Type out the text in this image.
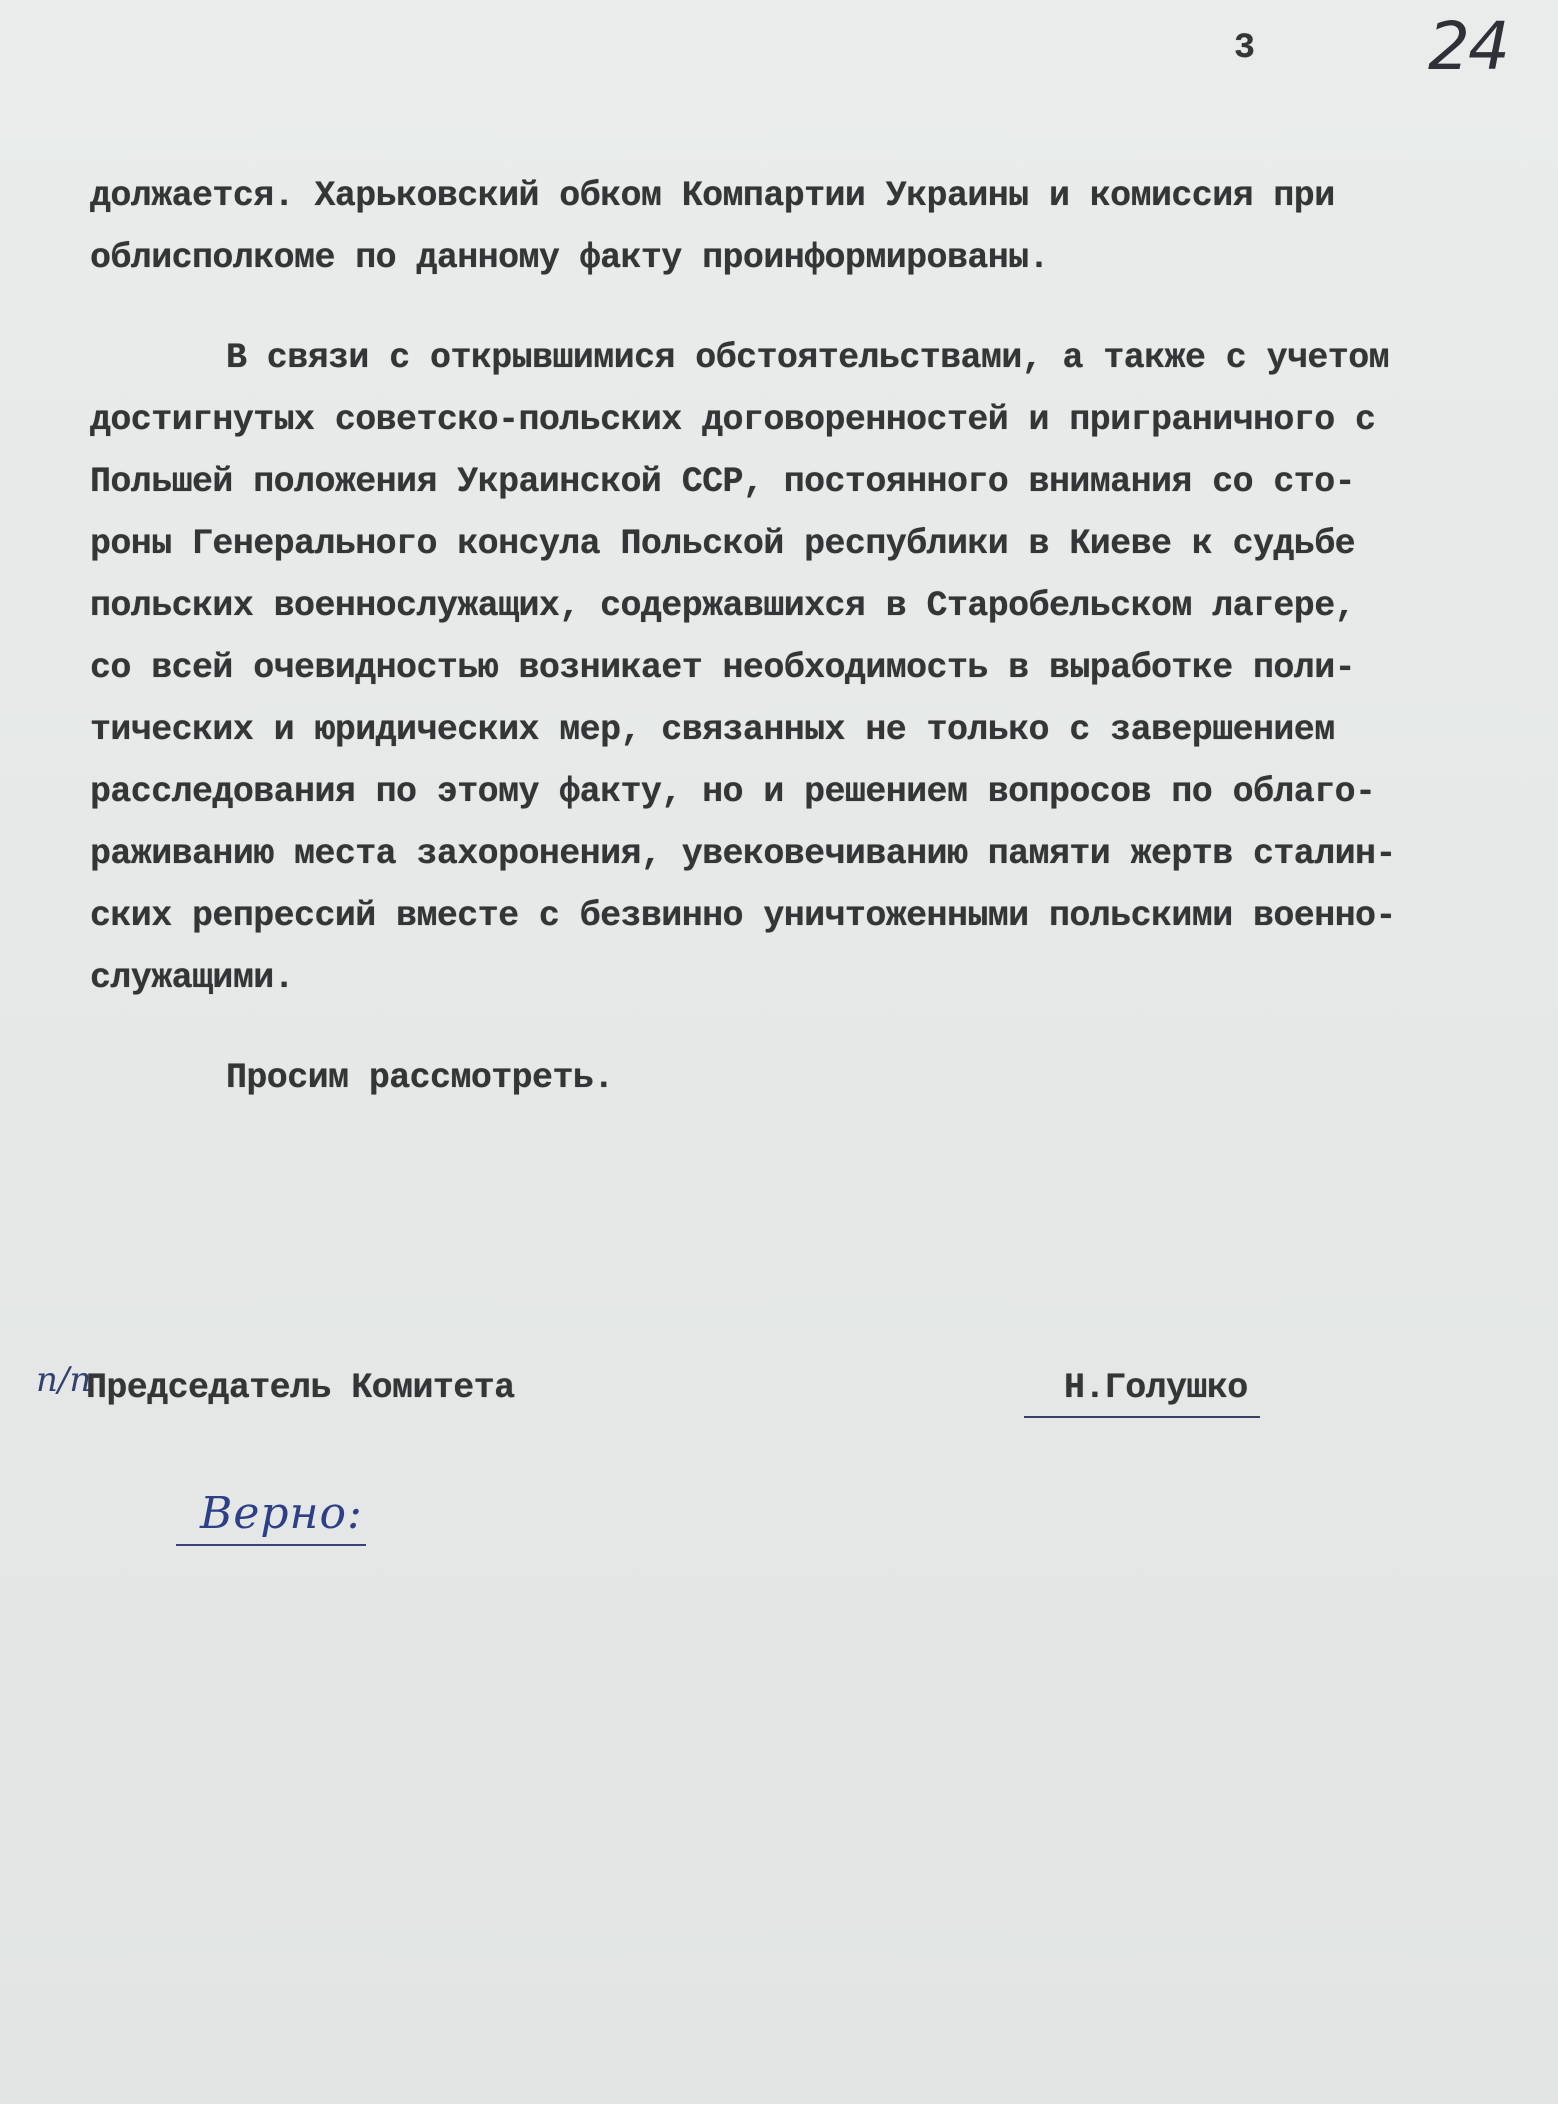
3	24
должается. Харьковский обком Компартии Украины и комиссия при
облисполкоме по данному факту проинформированы.
В связи с открывшимися обстоятельствами, а также с учетом
достигнутых советско-польских договоренностей и приграничного с
Польшей положения Украинской ССР, постоянного внимания со сто-
роны Генерального консула Польской республики в Киеве к судьбе
польских военнослужащих, содержавшихся в Старобельском лагере,
со всей очевидностью возникает необходимость в выработке поли-
тических и юридических мер, связанных не только с завершением
расследования по этому факту, но и решением вопросов по облаго-
раживанию места захоронения, увековечиванию памяти жертв сталин-
ских репрессий вместе с безвинно уничтоженными польскими военно-
служащими.
Просим рассмотреть.
п/п
Председатель Комитета	Н.Голушко
Верно:
